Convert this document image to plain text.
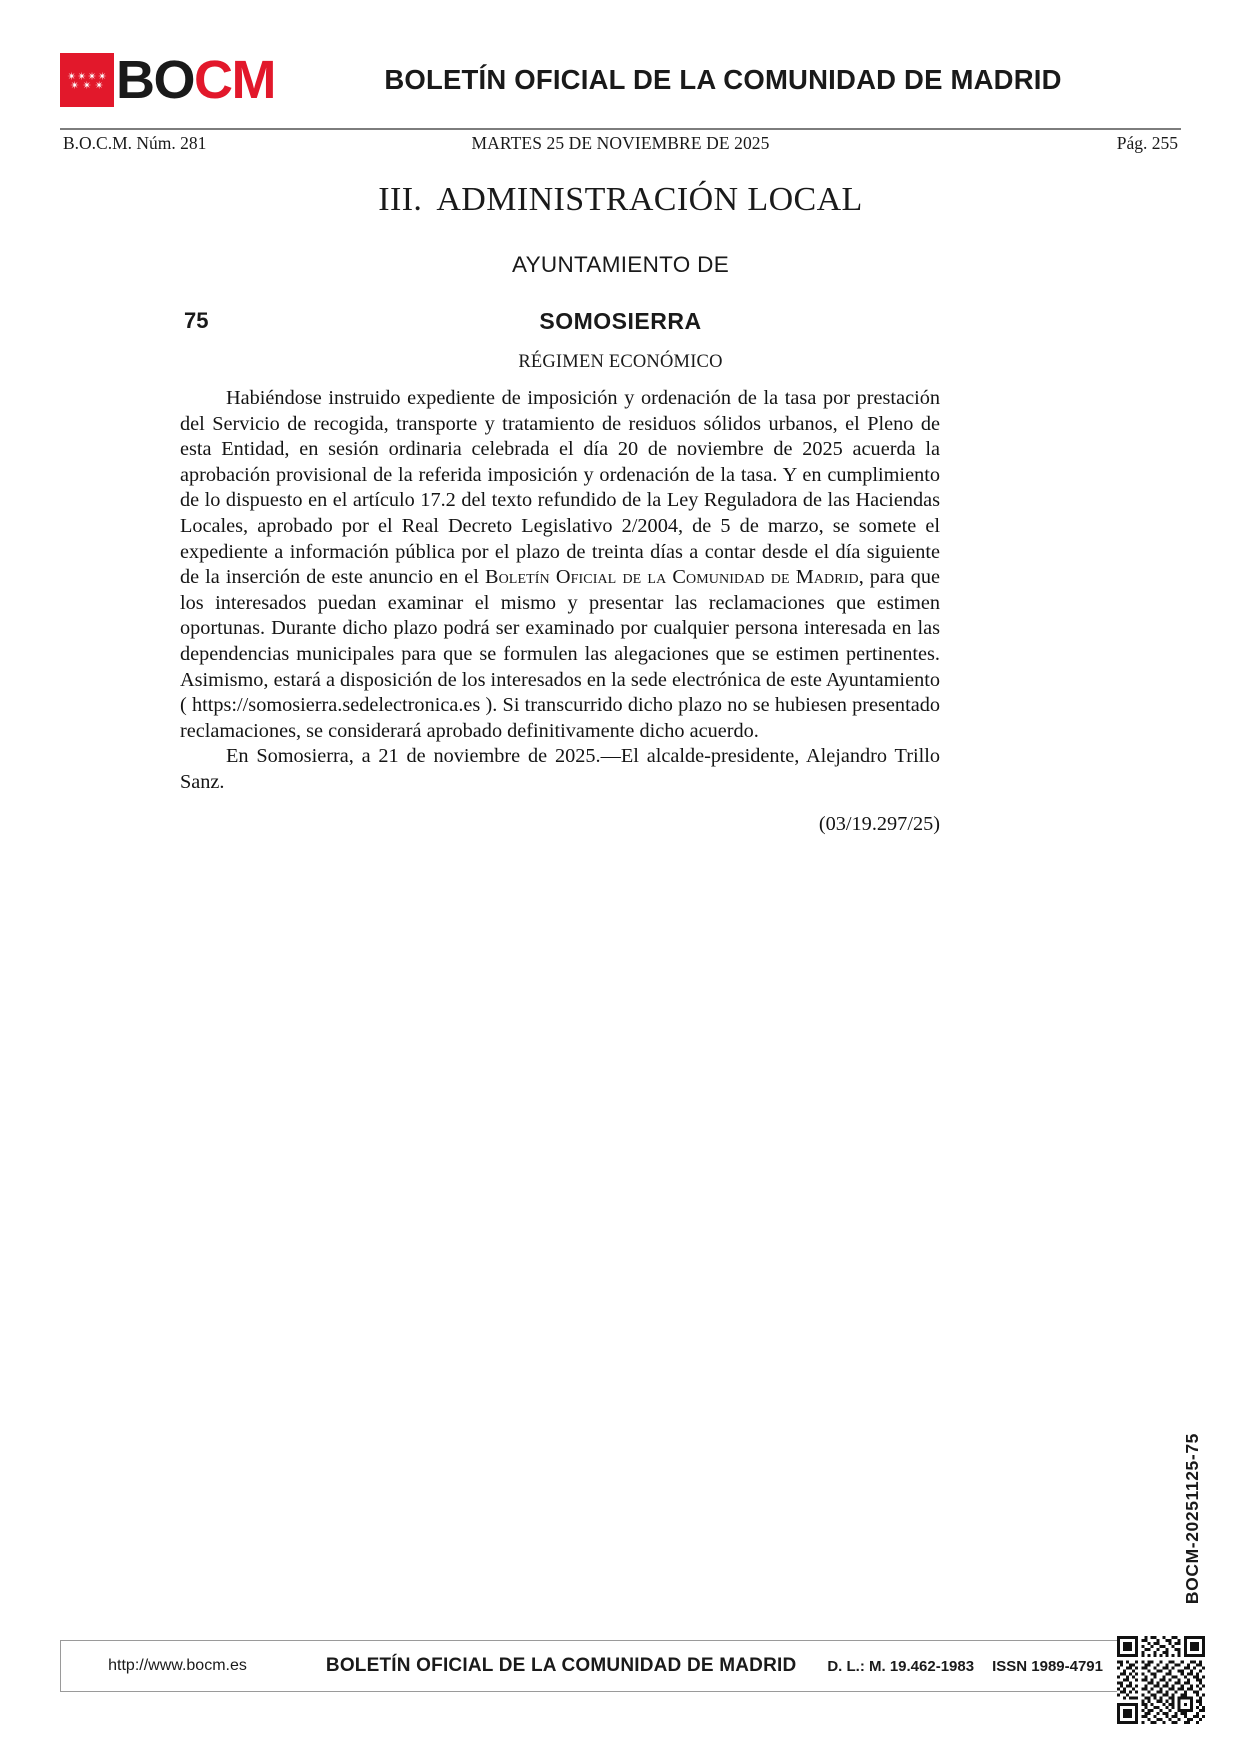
✴ ✴ ✴ ✴
✴ ✴ ✴ BOCM	BOLETÍN OFICIAL DE LA COMUNIDAD DE MADRID
B.O.C.M. Núm. 281	MARTES 25 DE NOVIEMBRE DE 2025	Pág. 255
III. ADMINISTRACIÓN LOCAL
AYUNTAMIENTO DE
75	SOMOSIERRA
RÉGIMEN ECONÓMICO

Habiéndose instruido expediente de imposición y ordenación de la tasa por prestación del Servicio de recogida, transporte y tratamiento de residuos sólidos urbanos, el Pleno de esta Entidad, en sesión ordinaria celebrada el día 20 de noviembre de 2025 acuerda la aprobación provisional de la referida imposición y ordenación de la tasa. Y en cumplimiento de lo dispuesto en el artículo 17.2 del texto refundido de la Ley Reguladora de las Haciendas Locales, aprobado por el Real Decreto Legislativo 2/2004, de 5 de marzo, se somete el expediente a información pública por el plazo de treinta días a contar desde el día siguiente de la inserción de este anuncio en el Boletín Oficial de la Comunidad de Madrid, para que los interesados puedan examinar el mismo y presentar las reclamaciones que estimen oportunas. Durante dicho plazo podrá ser examinado por cualquier persona interesada en las dependencias municipales para que se formulen las alegaciones que se estimen pertinentes. Asimismo, estará a disposición de los interesados en la sede electrónica de este Ayuntamiento ( https://somosierra.sedelectronica.es ). Si transcurrido dicho plazo no se hubiesen presentado reclamaciones, se considerará aprobado definitivamente dicho acuerdo.

En Somosierra, a 21 de noviembre de 2025.—El alcalde-presidente, Alejandro Trillo Sanz.

(03/19.297/25)
BOCM-20251125-75
http://www.bocm.es	BOLETÍN OFICIAL DE LA COMUNIDAD DE MADRID	D. L.: M. 19.462-1983	ISSN 1989-4791
